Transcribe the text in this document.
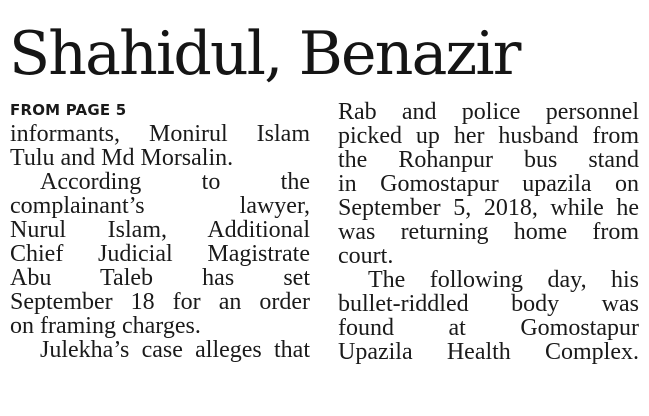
Shahidul, Benazir
FROM PAGE 5
informants, Monirul Islam
Tulu and Md Morsalin.
According to the
complainant’s lawyer,
Nurul Islam, Additional
Chief Judicial Magistrate
Abu Taleb has set
September 18 for an order
on framing charges.
Julekha’s case alleges that
Rab and police personnel
picked up her husband from
the Rohanpur bus stand
in Gomostapur upazila on
September 5, 2018, while he
was returning home from
court.
The following day, his
bullet-riddled body was
found at Gomostapur
Upazila Health Complex.
